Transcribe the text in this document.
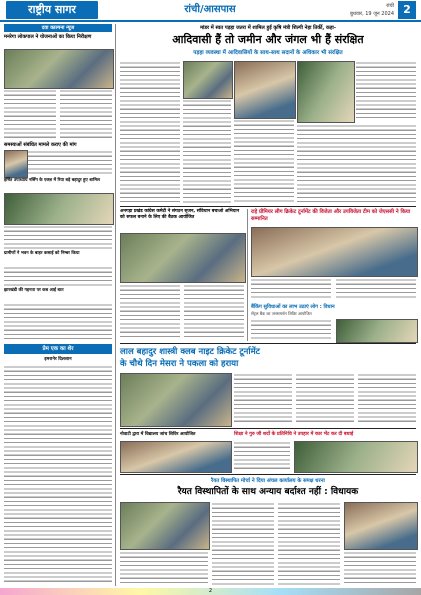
राष्ट्रीय सागर	रांची/आसपास	रांची
बुधवार, 19 जून 2024 2
दवा काल्पना न्यूज
मनरेगा लोकपाल ने योजनाओं का किया निरीक्षण
समस्याओं संबंधित मामले कराए की मांग
हर्षित उपाध्याय नर्सिंग के एक्ज़ में रिया बड़े बहादुर हुए शामिल
ग्रामीणों ने भवन के बाहर कसाई को निम्बर किया
झारखंडी की गहनता पर कब आई बात
प्रेम एक का शेर
इमरानेर दिलशान
मांडर में स्वत पड़हा जतरा में शामिल हुईं कृषि मंत्री शिल्पी नेहा तिर्की, कहा-
आदिवासी हैं तो जमीन और जंगल भी हैं संरक्षित
पड़हा व्यवस्था में आदिवासियों के साथ-साथ सदानों के अधिकार भी संरक्षित
अनगड़ा प्रखंड कांग्रेस कमेटी ने संगठन सृजन, संविधान बचाओ अभियान को सफल बनाने के लिए की बैठक आयोजित
राहे प्रीमियर लीग क्रिकेट टूर्नामेंट की विजेता और उपविजेता टीम को जेएससी ने किया सम्मानित
बैंकिंग सुविधाओं का लाभ उठाएं लोग : विधान
सेंट्रल बैंक का जनसमर्थन शिविर आयोजित
लाल बहादुर शास्त्री क्लब नाइट क्रिकेट टूर्नामेंट
के चौथे दिन मेसरा ने पकला को हराया
नोवाटी द्वारा में विद्यालय जांच शिविर आयोजित	शिक्षा ने गुरु जी शर्दो के प्रतिनिधि ने उपहार में कार भेंट कर दी बधाई
रैयत विस्थापित मोर्चा ने दिया अंचल कार्यालय के समक्ष धरना
रैयत विस्थापितों के साथ अन्याय बर्दाश्त नहीं : विधायक
2
